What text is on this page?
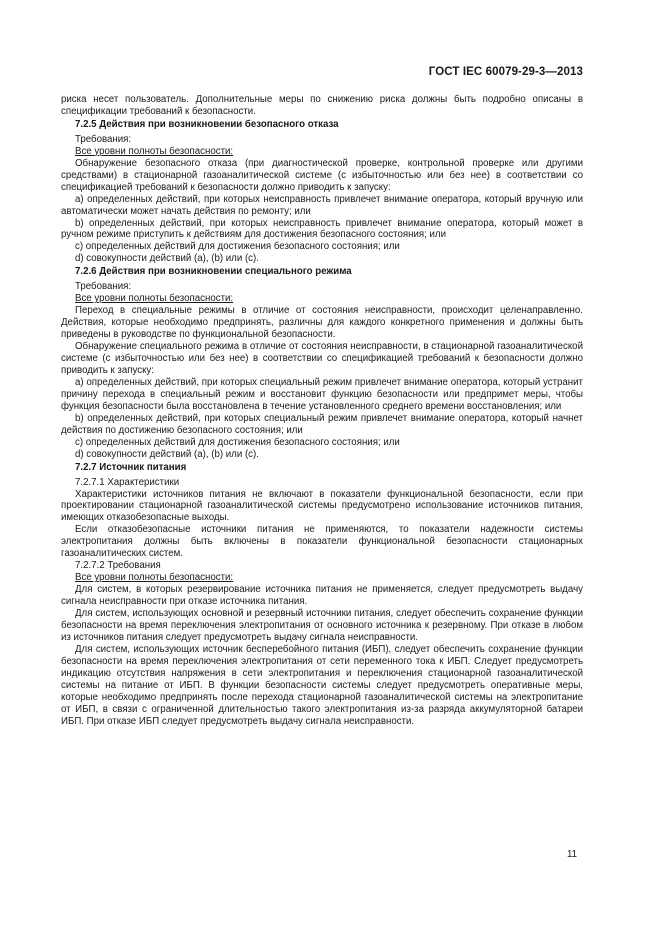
ГОСТ IEC 60079-29-3—2013

риска несет пользователь. Дополнительные меры по снижению риска должны быть подробно описаны в спецификации требований к безопасности.

7.2.5 Действия при возникновении безопасного отказа

Требования:

Все уровни полноты безопасности:

Обнаружение безопасного отказа (при диагностической проверке, контрольной проверке или другими средствами) в стационарной газоаналитической системе (с избыточностью или без нее) в соответствии со спецификацией требований к безопасности должно приводить к запуску:

a) определенных действий, при которых неисправность привлечет внимание оператора, который вручную или автоматически может начать действия по ремонту; или

b) определенных действий, при которых неисправность привлечет внимание оператора, который может в ручном режиме приступить к действиям для достижения безопасного состояния; или

c) определенных действий для достижения безопасного состояния; или

d) совокупности действий (a), (b) или (c).

7.2.6 Действия при возникновении специального режима

Требования:

Все уровни полноты безопасности:

Переход в специальные режимы в отличие от состояния неисправности, происходит целенаправленно. Действия, которые необходимо предпринять, различны для каждого конкретного применения и должны быть приведены в руководстве по функциональной безопасности.

Обнаружение специального режима в отличие от состояния неисправности, в стационарной газоаналитической системе (с избыточностью или без нее) в соответствии со спецификацией требований к безопасности должно приводить к запуску:

a) определенных действий, при которых специальный режим привлечет внимание оператора, который устранит причину перехода в специальный режим и восстановит функцию безопасности или предпримет меры, чтобы функция безопасности была восстановлена в течение установленного среднего времени восстановления; или

b) определенных действий, при которых специальный режим привлечет внимание оператора, который начнет действия по достижению безопасного состояния; или

c) определенных действий для достижения безопасного состояния; или

d) совокупности действий (a), (b) или (c).

7.2.7 Источник питания

7.2.7.1 Характеристики

Характеристики источников питания не включают в показатели функциональной безопасности, если при проектировании стационарной газоаналитической системы предусмотрено использование источников питания, имеющих отказобезопасные выходы.

Если отказобезопасные источники питания не применяются, то показатели надежности системы электропитания должны быть включены в показатели функциональной безопасности стационарных газоаналитических систем.

7.2.7.2 Требования

Все уровни полноты безопасности:

Для систем, в которых резервирование источника питания не применяется, следует предусмотреть выдачу сигнала неисправности при отказе источника питания.

Для систем, использующих основной и резервный источники питания, следует обеспечить сохранение функции безопасности на время переключения электропитания от основного источника к резервному. При отказе в любом из источников питания следует предусмотреть выдачу сигнала неисправности.

Для систем, использующих источник бесперебойного питания (ИБП), следует обеспечить сохранение функции безопасности на время переключения электропитания от сети переменного тока к ИБП. Следует предусмотреть индикацию отсутствия напряжения в сети электропитания и переключения стационарной газоаналитической системы на питание от ИБП. В функции безопасности системы следует предусмотреть оперативные меры, которые необходимо предпринять после перехода стационарной газоаналитической системы на электропитание от ИБП, в связи с ограниченной длительностью такого электропитания из-за разряда аккумуляторной батареи ИБП. При отказе ИБП следует предусмотреть выдачу сигнала неисправности.

11
